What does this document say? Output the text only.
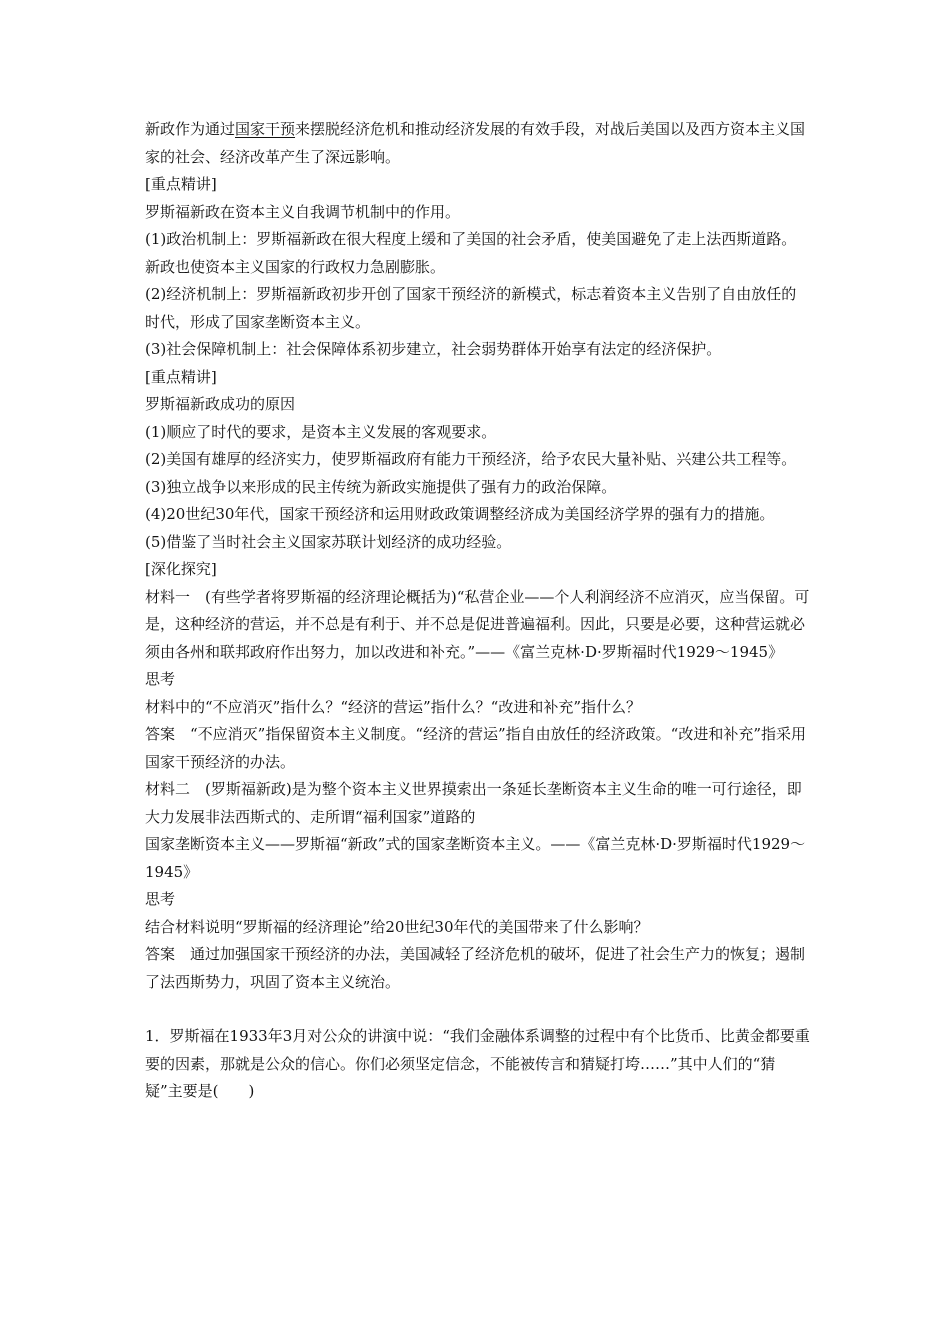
新政作为通过国家干预来摆脱经济危机和推动经济发展的有效手段，对战后美国以及西方资本主义国家的社会、经济改革产生了深远影响。

[重点精讲]

罗斯福新政在资本主义自我调节机制中的作用。

(1)政治机制上：罗斯福新政在很大程度上缓和了美国的社会矛盾，使美国避免了走上法西斯道路。新政也使资本主义国家的行政权力急剧膨胀。

(2)经济机制上：罗斯福新政初步开创了国家干预经济的新模式，标志着资本主义告别了自由放任的时代，形成了国家垄断资本主义。

(3)社会保障机制上：社会保障体系初步建立，社会弱势群体开始享有法定的经济保护。

[重点精讲]

罗斯福新政成功的原因

(1)顺应了时代的要求，是资本主义发展的客观要求。

(2)美国有雄厚的经济实力，使罗斯福政府有能力干预经济，给予农民大量补贴、兴建公共工程等。

(3)独立战争以来形成的民主传统为新政实施提供了强有力的政治保障。

(4)20世纪30年代，国家干预经济和运用财政政策调整经济成为美国经济学界的强有力的措施。

(5)借鉴了当时社会主义国家苏联计划经济的成功经验。

[深化探究]

材料一　(有些学者将罗斯福的经济理论概括为)“私营企业——个人利润经济不应消灭，应当保留。可是，这种经济的营运，并不总是有利于、并不总是促进普遍福利。因此，只要是必要，这种营运就必须由各州和联邦政府作出努力，加以改进和补充。”——《富兰克林·D·罗斯福时代1929～1945》

思考

材料中的“不应消灭”指什么？“经济的营运”指什么？“改进和补充”指什么？

答案　“不应消灭”指保留资本主义制度。“经济的营运”指自由放任的经济政策。“改进和补充”指采用国家干预经济的办法。

材料二　(罗斯福新政)是为整个资本主义世界摸索出一条延长垄断资本主义生命的唯一可行途径，即大力发展非法西斯式的、走所谓“福利国家”道路的

国家垄断资本主义——罗斯福“新政”式的国家垄断资本主义。——《富兰克林·D·罗斯福时代1929～1945》

思考

结合材料说明“罗斯福的经济理论”给20世纪30年代的美国带来了什么影响？

答案　通过加强国家干预经济的办法，美国减轻了经济危机的破坏，促进了社会生产力的恢复；遏制了法西斯势力，巩固了资本主义统治。

1．罗斯福在1933年3月对公众的讲演中说：“我们金融体系调整的过程中有个比货币、比黄金都要重要的因素，那就是公众的信心。你们必须坚定信念，不能被传言和猜疑打垮……”其中人们的“猜疑”主要是(　　)
